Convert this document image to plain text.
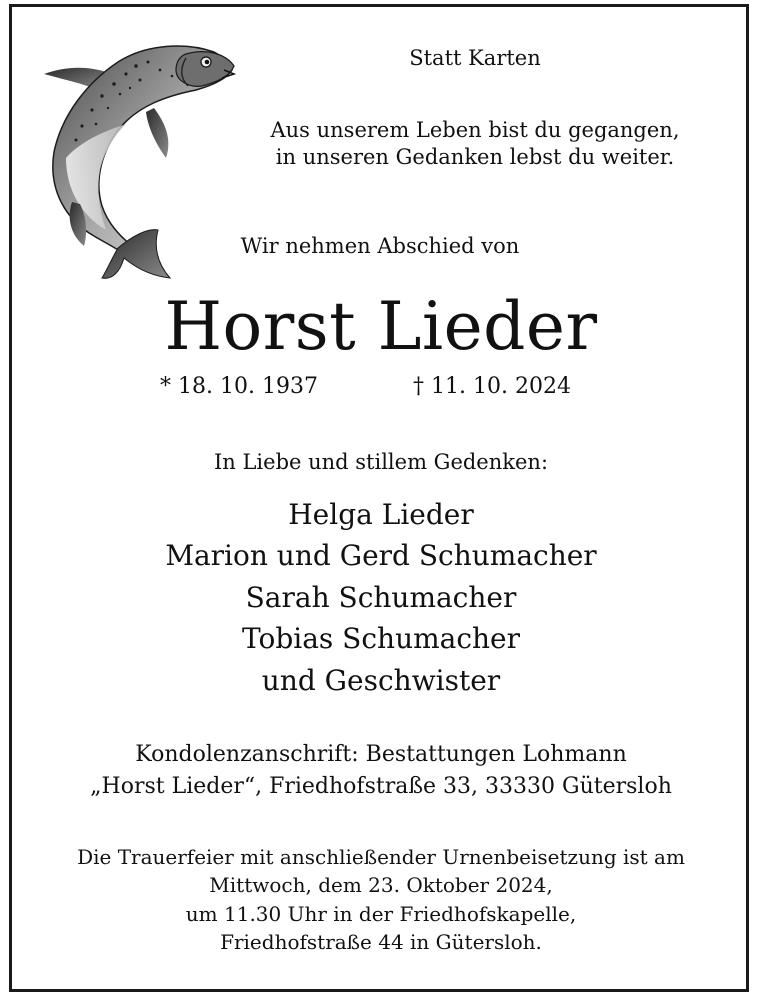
Statt Karten
Aus unserem Leben bist du gegangen,
in unseren Gedanken lebst du weiter.
Wir nehmen Abschied von
Horst Lieder
* 18. 10. 1937	† 11. 10. 2024
In Liebe und stillem Gedenken:
Helga Lieder
Marion und Gerd Schumacher
Sarah Schumacher
Tobias Schumacher
und Geschwister
Kondolenzanschrift: Bestattungen Lohmann
„Horst Lieder“, Friedhofstraße 33, 33330 Gütersloh
Die Trauerfeier mit anschließender Urnenbeisetzung ist am
Mittwoch, dem 23. Oktober 2024,
um 11.30 Uhr in der Friedhofskapelle,
Friedhofstraße 44 in Gütersloh.
